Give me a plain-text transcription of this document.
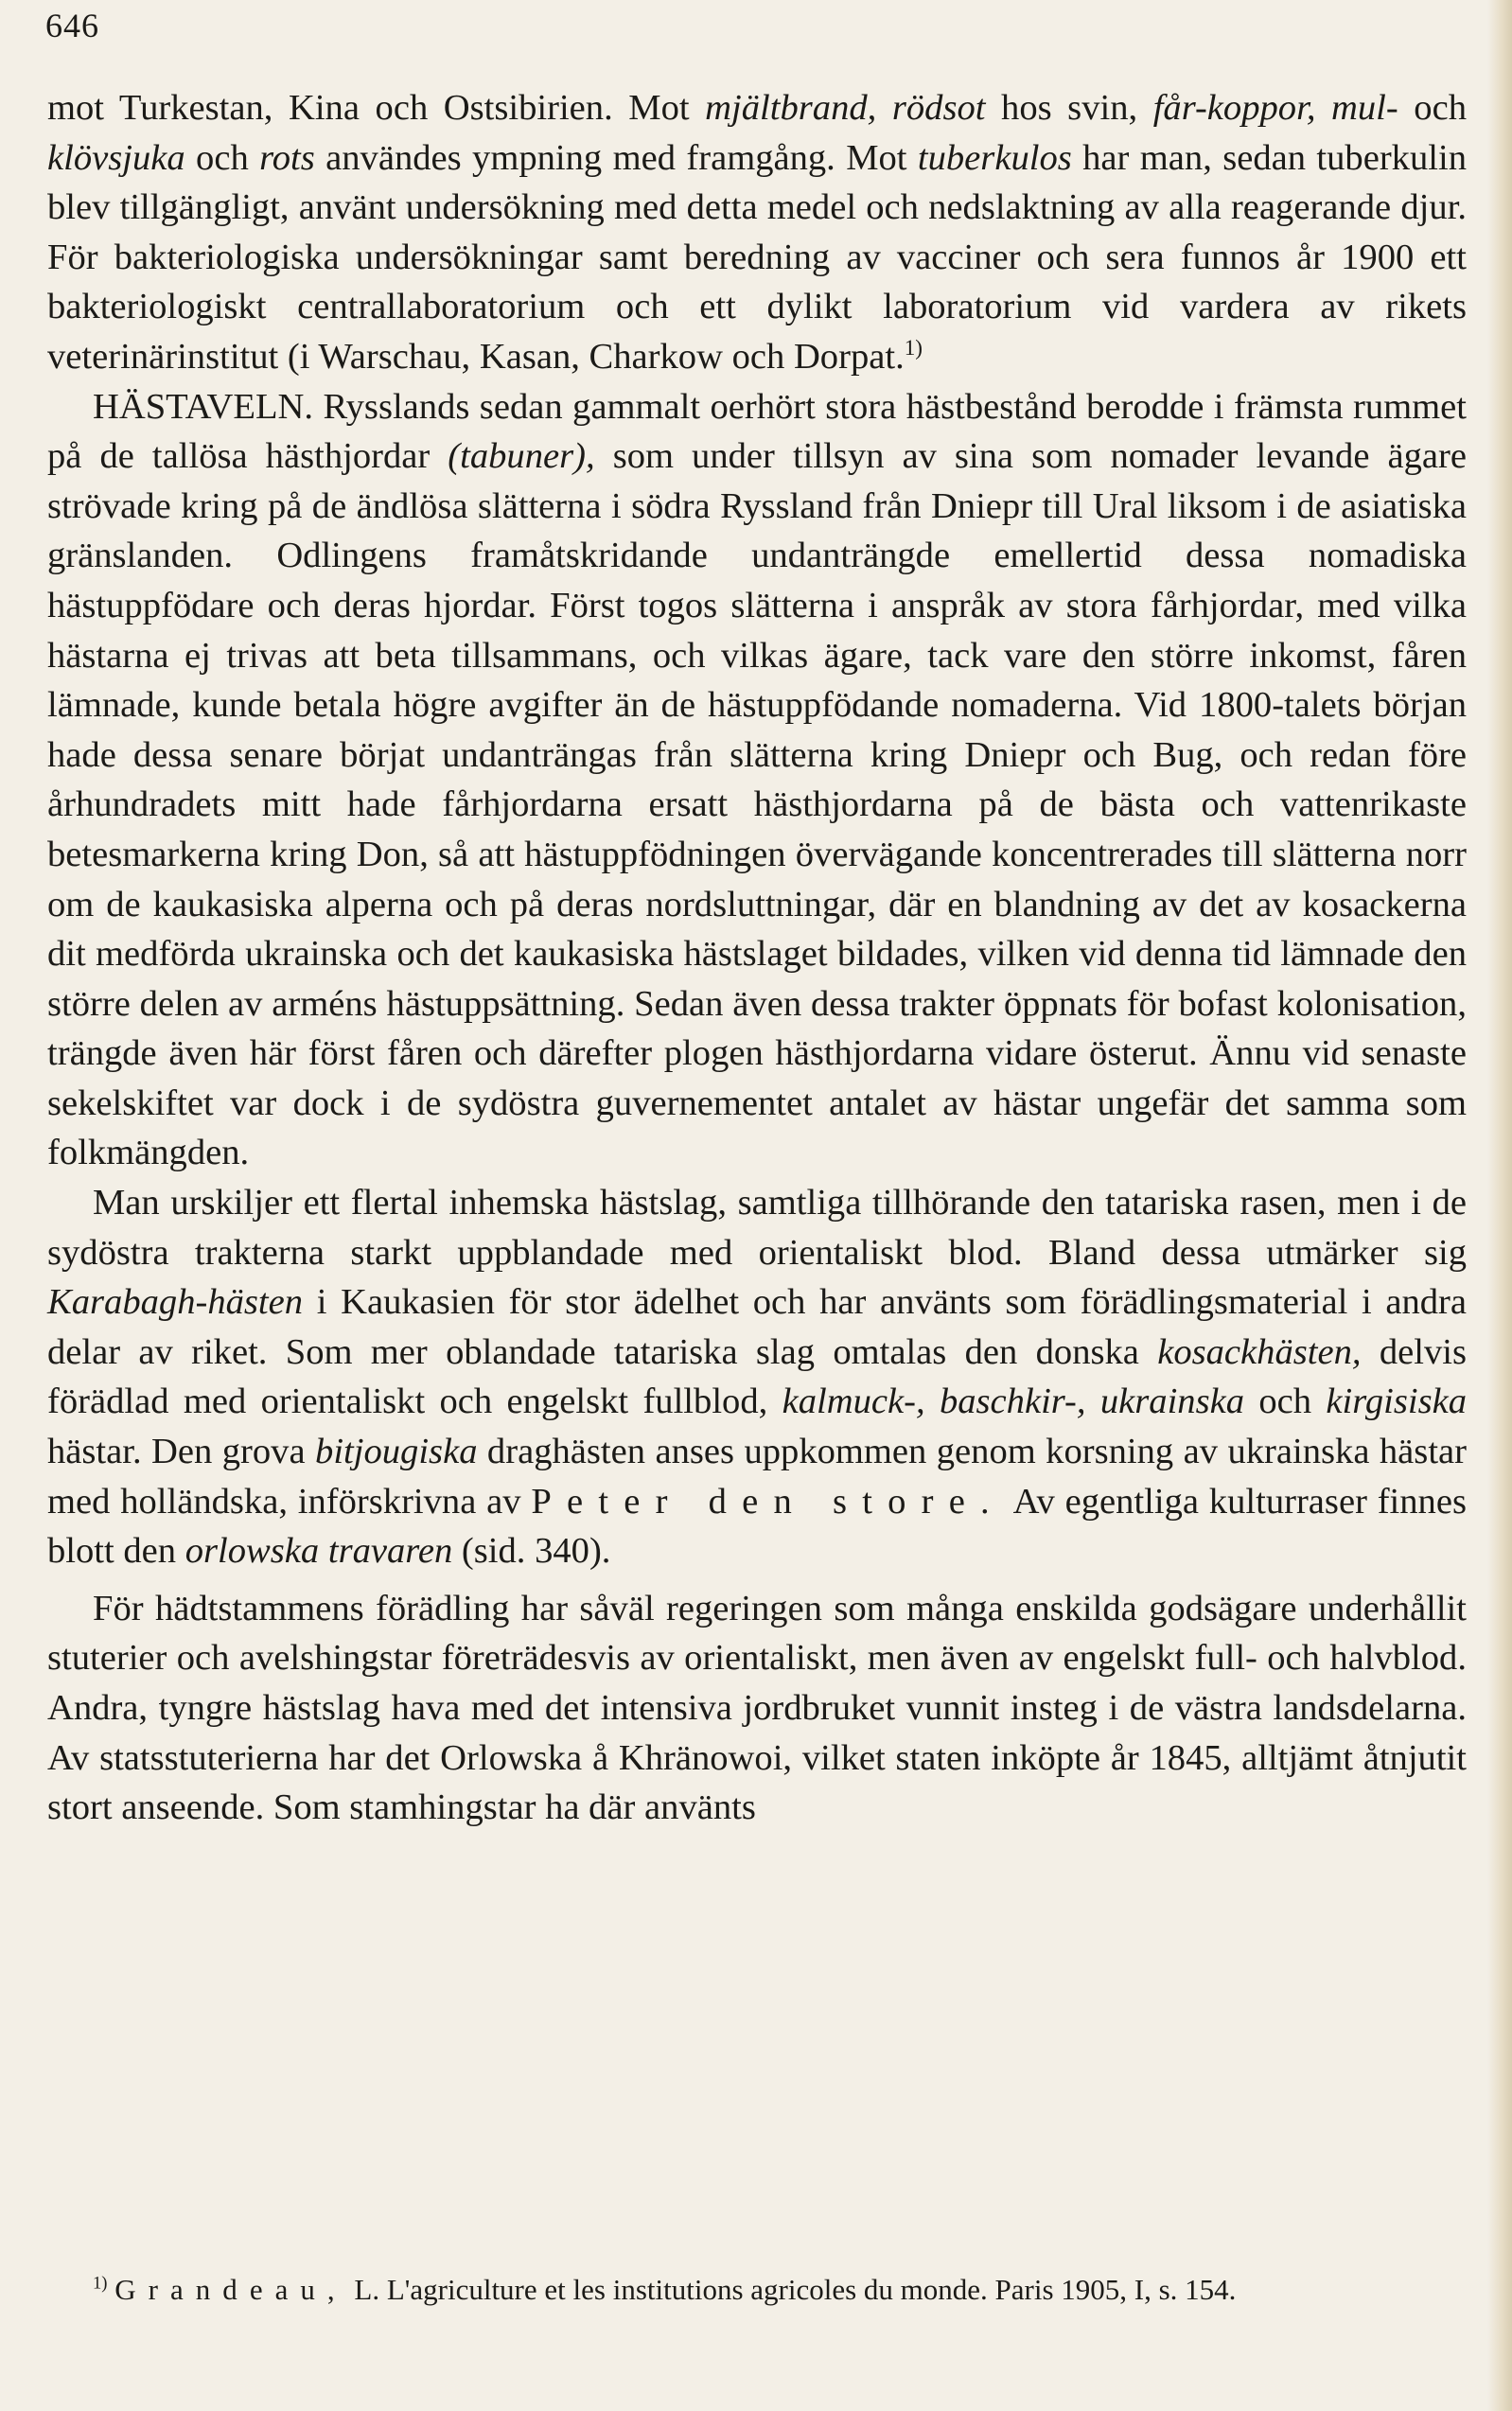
646

mot Turkestan, Kina och Ostsibirien. Mot mjältbrand, rödsot hos svin, får-koppor, mul- och klövsjuka och rots användes ympning med framgång. Mot tuberkulos har man, sedan tuberkulin blev tillgängligt, använt undersökning med detta medel och nedslaktning av alla reagerande djur. För bakteriologiska undersökningar samt beredning av vacciner och sera funnos år 1900 ett bakteriologiskt centrallaboratorium och ett dylikt laboratorium vid vardera av rikets veterinärinstitut (i Warschau, Kasan, Charkow och Dorpat.$^{1)}$

HÄSTAVELN. Rysslands sedan gammalt oerhört stora hästbestånd berodde i främsta rummet på de tallösa hästhjordar (tabuner), som under tillsyn av sina som nomader levande ägare strövade kring på de ändlösa slätterna i södra Ryssland från Dniepr till Ural liksom i de asiatiska gränslanden. Odlingens framåtskridande undanträngde emellertid dessa nomadiska hästuppfödare och deras hjordar. Först togos slätterna i anspråk av stora fårhjordar, med vilka hästarna ej trivas att beta tillsammans, och vilkas ägare, tack vare den större inkomst, fåren lämnade, kunde betala högre avgifter än de hästuppfödande nomaderna. Vid 1800-talets början hade dessa senare börjat undanträngas från slätterna kring Dniepr och Bug, och redan före århundradets mitt hade fårhjordarna ersatt hästhjordarna på de bästa och vattenrikaste betesmarkerna kring Don, så att hästuppfödningen övervägande koncentrerades till slätterna norr om de kaukasiska alperna och på deras nordsluttningar, där en blandning av det av kosackerna dit medförda ukrainska och det kaukasiska hästslaget bildades, vilken vid denna tid lämnade den större delen av arméns hästuppsättning. Sedan även dessa trakter öppnats för bofast kolonisation, trängde även här först fåren och därefter plogen hästhjordarna vidare österut. Ännu vid senaste sekelskiftet var dock i de sydöstra guvernementet antalet av hästar ungefär det samma som folkmängden.

Man urskiljer ett flertal inhemska hästslag, samtliga tillhörande den tatariska rasen, men i de sydöstra trakterna starkt uppblandade med orientaliskt blod. Bland dessa utmärker sig Karabagh-hästen i Kaukasien för stor ädelhet och har använts som förädlingsmaterial i andra delar av riket. Som mer oblandade tatariska slag omtalas den donska kosackhästen, delvis förädlad med orientaliskt och engelskt fullblod, kalmuck-, baschkir-, ukrainska och kirgisiska hästar. Den grova bitjougiska draghästen anses uppkommen genom korsning av ukrainska hästar med holländska, införskrivna av Peter den store. Av egentliga kulturraser finnes blott den orlowska travaren (sid. 340).

För hädtstammens förädling har såväl regeringen som många enskilda godsägare underhållit stuterier och avelshingstar företrädesvis av orientaliskt, men även av engelskt full- och halvblod. Andra, tyngre hästslag hava med det intensiva jordbruket vunnit insteg i de västra landsdelarna. Av statsstuterierna har det Orlowska å Khränowoi, vilket staten inköpte år 1845, alltjämt åtnjutit stort anseende. Som stamhingstar ha där använts

$^{1)}$ Grandeau, L. L'agriculture et les institutions agricoles du monde. Paris 1905, I, s. 154.
